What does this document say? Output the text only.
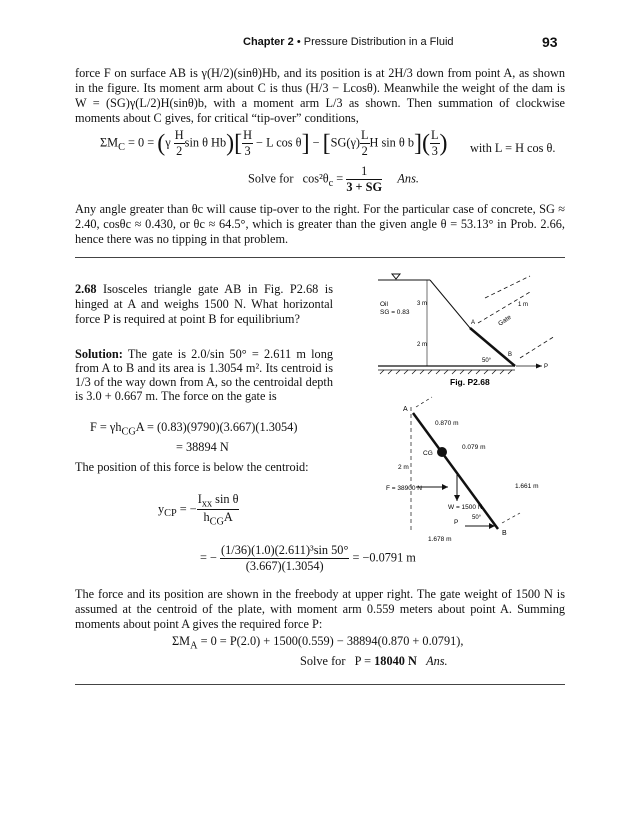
Chapter 2 • Pressure Distribution in a Fluid	93
force F on surface AB is γ(H/2)(sinθ)Hb, and its position is at 2H/3 down from point A, as shown in the figure. Its moment arm about C is thus (H/3 − Lcosθ). Meanwhile the weight of the dam is W = (SG)γ(L/2)H(sinθ)b, with a moment arm L/3 as shown. Then summation of clockwise moments about C gives, for critical “tip-over” conditions,
$\Sigma M_C = 0 = (\gamma \frac{H}{2}$ sin θ $Hb)[ \frac{H}{3} - L$ $\cos \theta] - [SG(\gamma) \frac{L}{2}$ H sin θ $b]( \frac{L}{3}$ ) with L = H cos θ.
Solve for $\cos^2\theta_c = \frac{1}{3 + SG}$ Ans.
Any angle greater than θc will cause tip-over to the right. For the particular case of concrete, SG ≈ 2.40, cosθc ≈ 0.430, or θc ≈ 64.5°, which is greater than the given angle θ = 53.13° in Prob. 2.66, hence there was no tipping in that problem.
2.68 Isosceles triangle gate AB in Fig. P2.68 is hinged at A and weighs 1500 N. What horizontal force P is required at point B for equilibrium?
Solution: The gate is 2.0/sin 50° = 2.611 m long from A to B and its area is 1.3054 m². Its centroid is 1/3 of the way down from A, so the centroidal depth is 3.0 + 0.667 m. The force on the gate is
$F = \gamma h_{CG}A = (0.83)(9790)(3.667)(1.3054)$
= 38894 N
The position of this force is below the centroid:
$y_{CP}$ = − $\frac{I_{xx} \sin \theta}{h_{CG}A}$
= − $\frac{\text{(1/36)(1.0)(2.611)³sin 50°}}{(3.667)(1.3054)} = -0.0791$ m
The force and its position are shown in the freebody at upper right. The gate weight of 1500 N is assumed at the centroid of the plate, with moment arm 0.559 meters about point A. Summing moments about point A gives the required force P:
$\Sigma M_A = 0 = P(2.0) + 1500(0.559) - 38894(0.870 + 0.0791)$,
Solve for P = 18040 N Ans.
3 m
2 m
Oil
SG = 0.83
1 m
Gate
A
B
50°
P
Fig. P2.68
A
B
CG
0.870 m
0.079 m
2 m
F = 38900 N
W = 1500 N
1.661 m
P
50°
1.678 m
